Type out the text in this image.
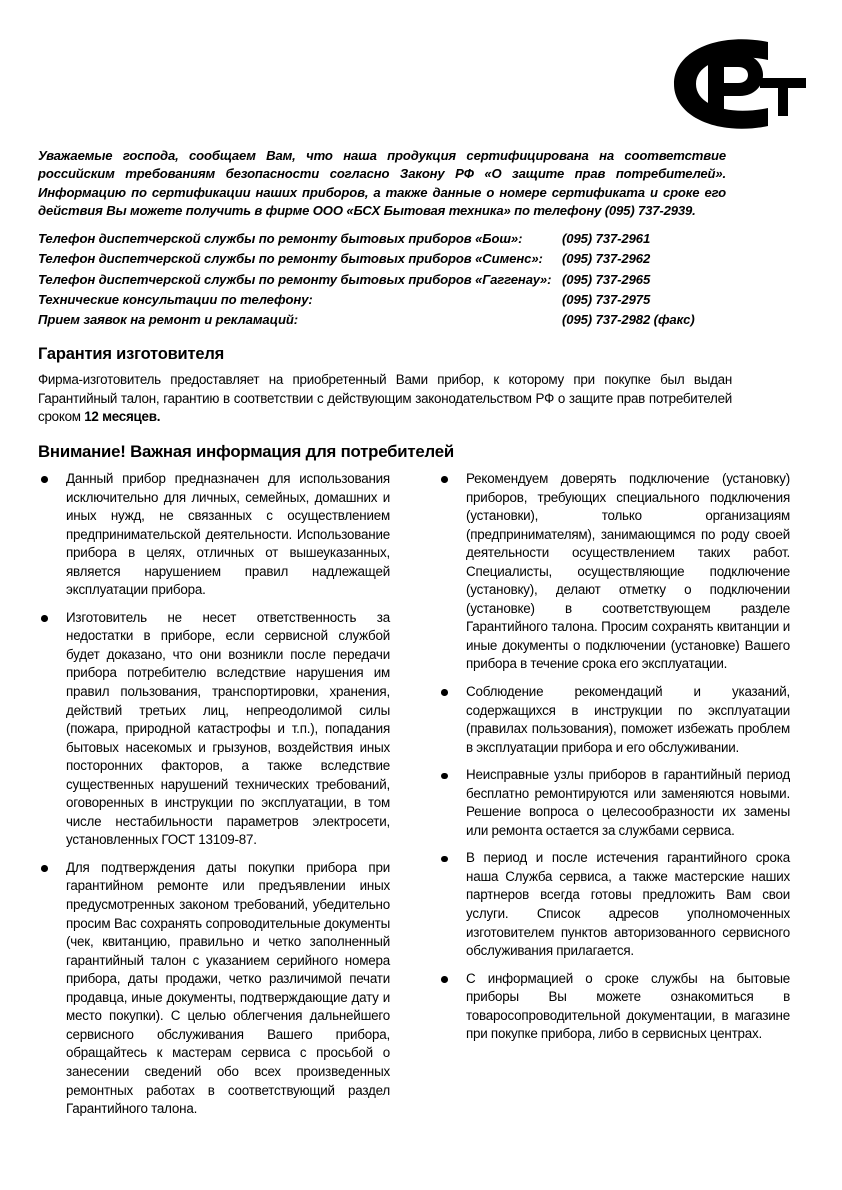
Уважаемые господа, сообщаем Вам, что наша продукция сертифицирована на соответствие российским требованиям безопасности согласно Закону РФ «О защите прав потребителей». Информацию по сертификации наших приборов, а также данные о номере сертификата и сроке его действия Вы можете получить в фирме ООО «БСХ Бытовая техника» по телефону (095) 737-2939.

Телефон диспетчерской службы по ремонту бытовых приборов «Бош»:	(095) 737-2961
Телефон диспетчерской службы по ремонту бытовых приборов «Сименс»: (095) 737-2962
Телефон диспетчерской службы по ремонту бытовых приборов «Гаггенау»: (095) 737-2965
Технические консультации по телефону:	(095) 737-2975
Прием заявок на ремонт и рекламаций:	(095) 737-2982 (факс)
Гарантия изготовителя

Фирма-изготовитель предоставляет на приобретенный Вами прибор, к которому при покупке был выдан Гарантийный талон, гарантию в соответствии с действующим законодательством РФ о защите прав потребителей сроком 12 месяцев.

Внимание! Важная информация для потребителей
Данный прибор предназначен для использования исключительно для личных, семейных, домашних и иных нужд, не связанных с осуществлением предпринимательской деятельности. Использование прибора в целях, отличных от вышеуказанных, является нарушением правил надлежащей эксплуатации прибора.
Изготовитель не несет ответственность за недостатки в приборе, если сервисной службой будет доказано, что они возникли после передачи прибора потребителю вследствие нарушения им правил пользования, транспортировки, хранения, действий третьих лиц, непреодолимой силы (пожара, природной катастрофы и т.п.), попадания бытовых насекомых и грызунов, воздействия иных посторонних факторов, а также вследствие существенных нарушений технических требований, оговоренных в инструкции по эксплуатации, в том числе нестабильности параметров электросети, установленных ГОСТ 13109-87.
Для подтверждения даты покупки прибора при гарантийном ремонте или предъявлении иных предусмотренных законом требований, убедительно просим Вас сохранять сопроводительные документы (чек, квитанцию, правильно и четко заполненный гарантийный талон с указанием серийного номера прибора, даты продажи, четко различимой печати продавца, иные документы, подтверждающие дату и место покупки). С целью облегчения дальнейшего сервисного обслуживания Вашего прибора, обращайтесь к мастерам сервиса с просьбой о занесении сведений обо всех произведенных ремонтных работах в соответствующий раздел Гарантийного талона.
Рекомендуем доверять подключение (установку) приборов, требующих специального подключения (установки), только организациям (предпринимателям), занимающимся по роду своей деятельности осуществлением таких работ. Специалисты, осуществляющие подключение (установку), делают отметку о подключении (установке) в соответствующем разделе Гарантийного талона. Просим сохранять квитанции и иные документы о подключении (установке) Вашего прибора в течение срока его эксплуатации.
Соблюдение рекомендаций и указаний, содержащихся в инструкции по эксплуатации (правилах пользования), поможет избежать проблем в эксплуатации прибора и его обслуживании.
Неисправные узлы приборов в гарантийный период бесплатно ремонтируются или заменяются новыми. Решение вопроса о целесообразности их замены или ремонта остается за службами сервиса.
В период и после истечения гарантийного срока наша Служба сервиса, а также мастерские наших партнеров всегда готовы предложить Вам свои услуги. Список адресов уполномоченных изготовителем пунктов авторизованного сервисного обслуживания прилагается.
С информацией о сроке службы на бытовые приборы Вы можете ознакомиться в товаросопроводительной документации, в магазине при покупке прибора, либо в сервисных центрах.
